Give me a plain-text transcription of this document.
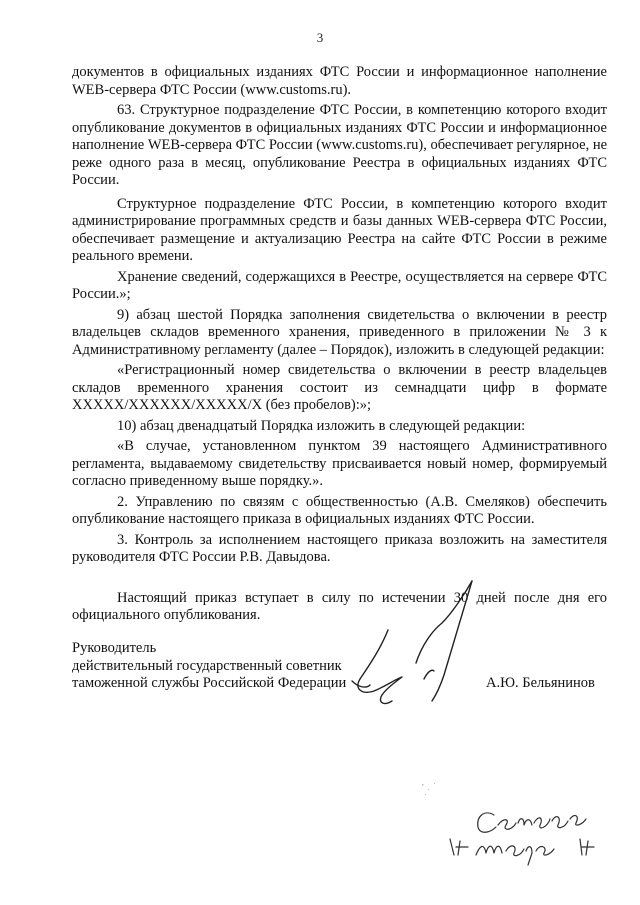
3

документов в официальных изданиях ФТС России и информационное наполнение WEB-сервера ФТС России (www.customs.ru).

63. Структурное подразделение ФТС России, в компетенцию которого входит опубликование документов в официальных изданиях ФТС России и информационное наполнение WEB-сервера ФТС России (www.customs.ru), обеспечивает регулярное, не реже одного раза в месяц, опубликование Реестра в официальных изданиях ФТС России.

Структурное подразделение ФТС России, в компетенцию которого входит администрирование программных средств и базы данных WEB-сервера ФТС России, обеспечивает размещение и актуализацию Реестра на сайте ФТС России в режиме реального времени.

Хранение сведений, содержащихся в Реестре, осуществляется на сервере ФТС России.»;

9) абзац шестой Порядка заполнения свидетельства о включении в реестр владельцев складов временного хранения, приведенного в приложении № 3 к Административному регламенту (далее – Порядок), изложить в следующей редакции:

«Регистрационный номер свидетельства о включении в реестр владельцев складов временного хранения состоит из семнадцати цифр в формате XXXXX/XXXXXX/XXXXX/X (без пробелов):»;

10) абзац двенадцатый Порядка изложить в следующей редакции:

«В случае, установленном пунктом 39 настоящего Административного регламента, выдаваемому свидетельству присваивается новый номер, формируемый согласно приведенному выше порядку.».

2. Управлению по связям с общественностью (А.В. Смеляков) обеспечить опубликование настоящего приказа в официальных изданиях ФТС России.

3. Контроль за исполнением настоящего приказа возложить на заместителя руководителя ФТС России Р.В. Давыдова.

Настоящий приказ вступает в силу по истечении 30 дней после дня его официального опубликования.

Руководитель
действительный государственный советник
таможенной службы Российской Федерации	А.Ю. Бельянинов
